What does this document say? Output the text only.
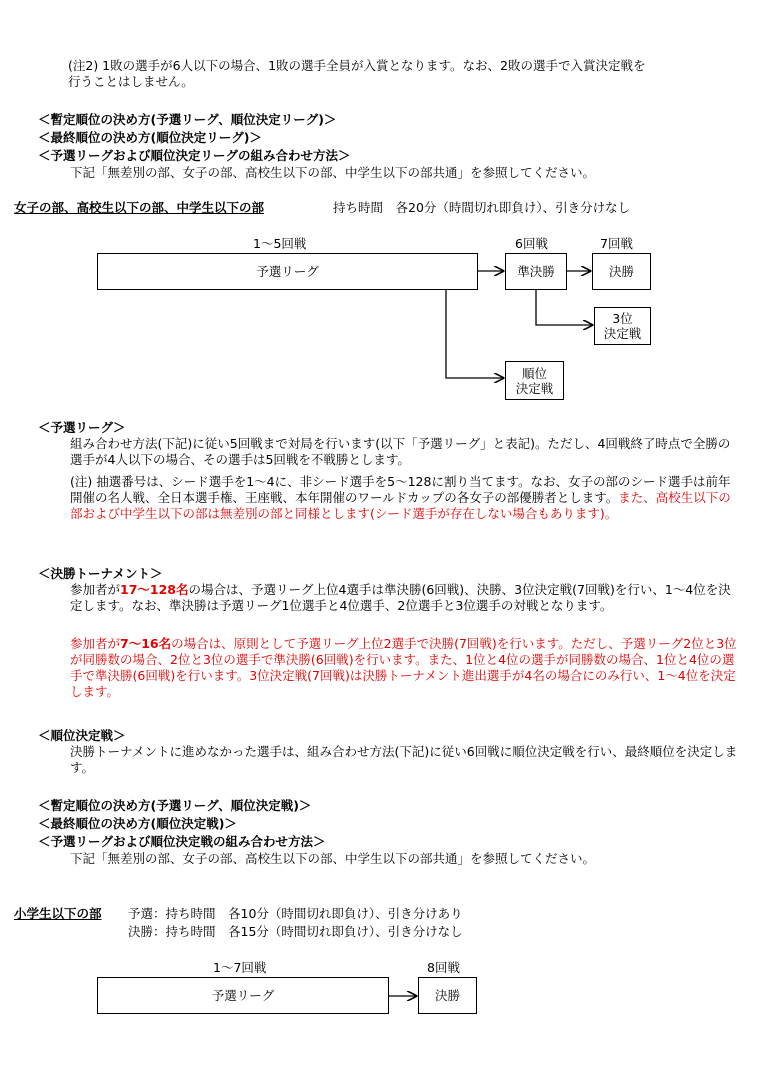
(注2) 1敗の選手が6人以下の場合、1敗の選手全員が入賞となります。なお、2敗の選手で入賞決定戦を
行うことはしません。
＜暫定順位の決め方(予選リーグ、順位決定リーグ)＞
＜最終順位の決め方(順位決定リーグ)＞
＜予選リーグおよび順位決定リーグの組み合わせ方法＞
下記「無差別の部、女子の部、高校生以下の部、中学生以下の部共通」を参照してください。
女子の部、高校生以下の部、中学生以下の部	持ち時間　各20分（時間切れ即負け）、引き分けなし
1～5回戦	6回戦	7回戦
予選リーグ	準決勝	決勝
3位
決定戦
順位
決定戦
＜予選リーグ＞
組み合わせ方法(下記)に従い5回戦まで対局を行います(以下「予選リーグ」と表記)。ただし、4回戦終了時点で全勝の選手が4人以下の場合、その選手は5回戦を不戦勝とします。
(注) 抽選番号は、シード選手を1～4に、非シード選手を5～128に割り当てます。なお、女子の部のシード選手は前年開催の名人戦、全日本選手権、王座戦、本年開催のワールドカップの各女子の部優勝者とします。また、高校生以下の部および中学生以下の部は無差別の部と同様とします(シード選手が存在しない場合もあります)。
＜決勝トーナメント＞
参加者が17～128名の場合は、予選リーグ上位4選手は準決勝(6回戦)、決勝、3位決定戦(7回戦)を行い、1～4位を決定します。なお、準決勝は予選リーグ1位選手と4位選手、2位選手と3位選手の対戦となります。
参加者が7～16名の場合は、原則として予選リーグ上位2選手で決勝(7回戦)を行います。ただし、予選リーグ2位と3位が同勝数の場合、2位と3位の選手で準決勝(6回戦)を行います。また、1位と4位の選手が同勝数の場合、1位と4位の選手で準決勝(6回戦)を行います。3位決定戦(7回戦)は決勝トーナメント進出選手が4名の場合にのみ行い、1～4位を決定します。
＜順位決定戦＞
決勝トーナメントに進めなかった選手は、組み合わせ方法(下記)に従い6回戦に順位決定戦を行い、最終順位を決定します。
＜暫定順位の決め方(予選リーグ、順位決定戦)＞
＜最終順位の決め方(順位決定戦)＞
＜予選リーグおよび順位決定戦の組み合わせ方法＞
下記「無差別の部、女子の部、高校生以下の部、中学生以下の部共通」を参照してください。
小学生以下の部 予選：持ち時間　各10分（時間切れ即負け）、引き分けあり
決勝：持ち時間　各15分（時間切れ即負け）、引き分けなし
1～7回戦	8回戦
予選リーグ	決勝
